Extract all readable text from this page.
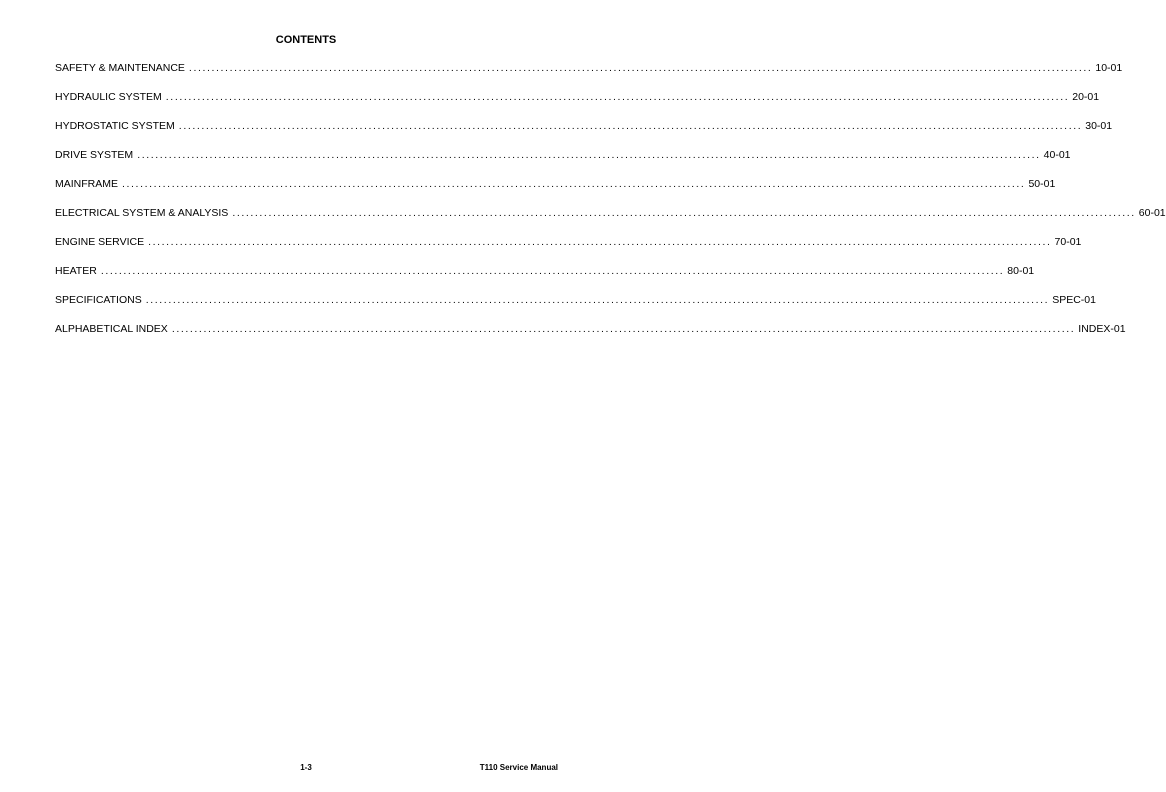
CONTENTS
SAFETY & MAINTENANCE ........................................................................................................................................................................................................ 10-01
HYDRAULIC SYSTEM ........................................................................................................................................................................................................ 20-01
HYDROSTATIC SYSTEM ........................................................................................................................................................................................................ 30-01
DRIVE SYSTEM ........................................................................................................................................................................................................ 40-01
MAINFRAME ........................................................................................................................................................................................................ 50-01
ELECTRICAL SYSTEM & ANALYSIS ........................................................................................................................................................................................................ 60-01
ENGINE SERVICE ........................................................................................................................................................................................................ 70-01
HEATER ........................................................................................................................................................................................................ 80-01
SPECIFICATIONS ........................................................................................................................................................................................................ SPEC-01
ALPHABETICAL INDEX ........................................................................................................................................................................................................ INDEX-01
1-3	T110 Service Manual
